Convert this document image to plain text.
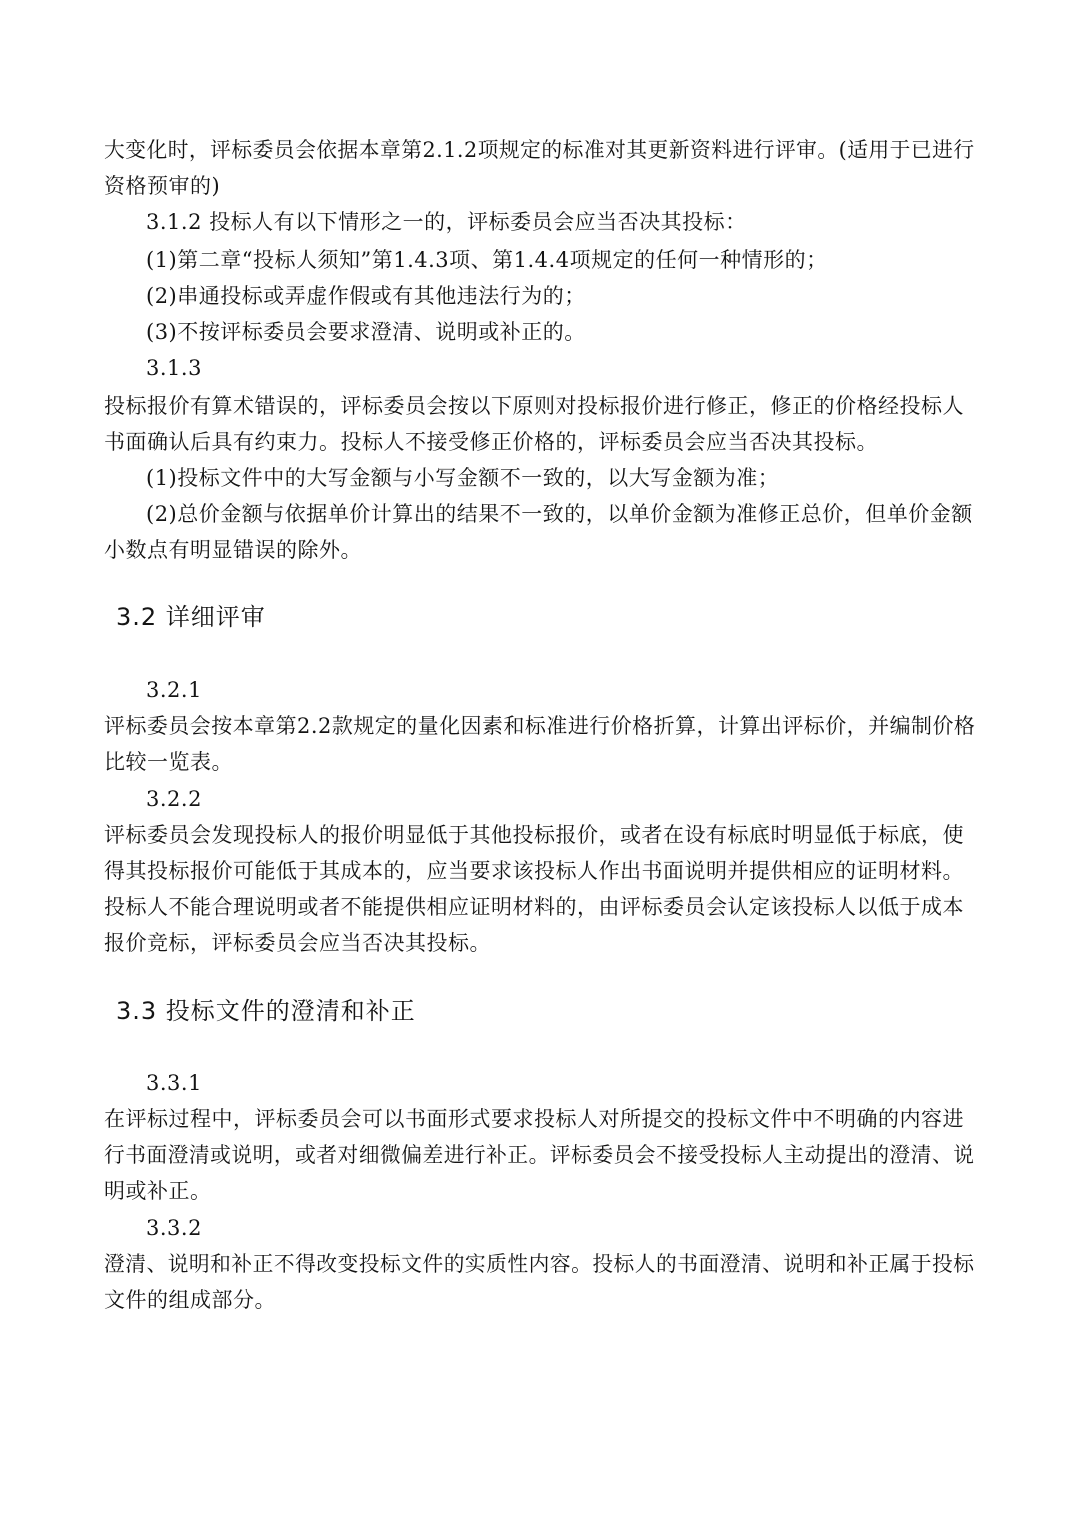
大变化时，评标委员会依据本章第2.1.2项规定的标准对其更新资料进行评审。(适用于已进行
资格预审的)
3.1.2 投标人有以下情形之一的，评标委员会应当否决其投标：
(1)第二章“投标人须知”第1.4.3项、第1.4.4项规定的任何一种情形的；
(2)串通投标或弄虚作假或有其他违法行为的；
(3)不按评标委员会要求澄清、说明或补正的。
3.1.3
投标报价有算术错误的，评标委员会按以下原则对投标报价进行修正，修正的价格经投标人
书面确认后具有约束力。投标人不接受修正价格的，评标委员会应当否决其投标。
(1)投标文件中的大写金额与小写金额不一致的，以大写金额为准；
(2)总价金额与依据单价计算出的结果不一致的，以单价金额为准修正总价，但单价金额
小数点有明显错误的除外。
3.2 详细评审
3.2.1
评标委员会按本章第2.2款规定的量化因素和标准进行价格折算，计算出评标价，并编制价格
比较一览表。
3.2.2
评标委员会发现投标人的报价明显低于其他投标报价，或者在设有标底时明显低于标底，使
得其投标报价可能低于其成本的，应当要求该投标人作出书面说明并提供相应的证明材料。
投标人不能合理说明或者不能提供相应证明材料的，由评标委员会认定该投标人以低于成本
报价竞标，评标委员会应当否决其投标。
3.3 投标文件的澄清和补正
3.3.1
在评标过程中，评标委员会可以书面形式要求投标人对所提交的投标文件中不明确的内容进
行书面澄清或说明，或者对细微偏差进行补正。评标委员会不接受投标人主动提出的澄清、说
明或补正。
3.3.2
澄清、说明和补正不得改变投标文件的实质性内容。投标人的书面澄清、说明和补正属于投标
文件的组成部分。
